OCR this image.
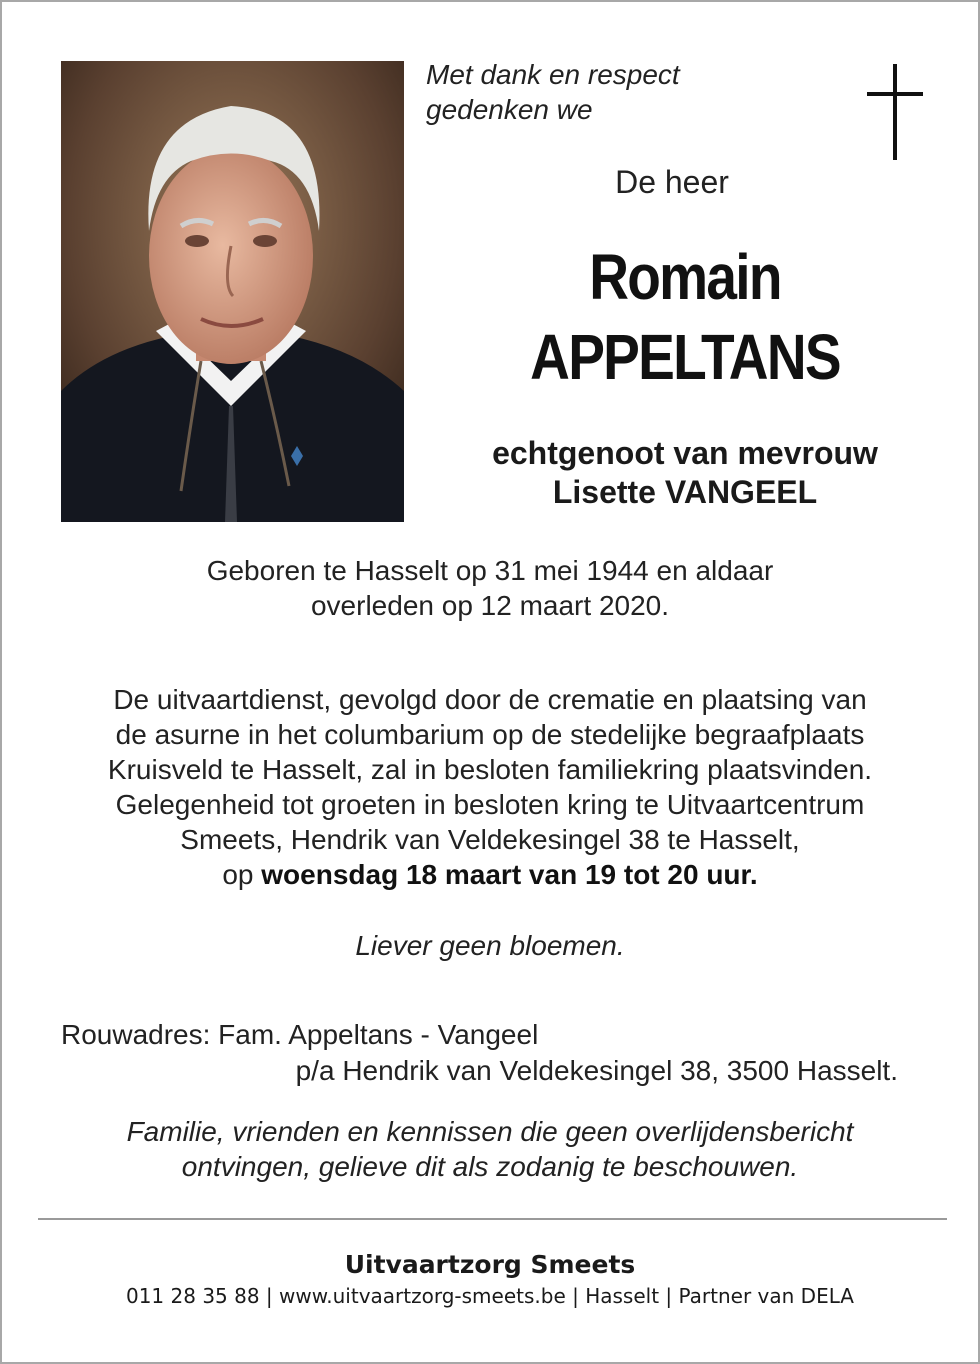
Met dank en respect
gedenken we
De heer
Romain
APPELTANS
echtgenoot van mevrouw
Lisette VANGEEL
Geboren te Hasselt op 31 mei 1944 en aldaar
overleden op 12 maart 2020.
De uitvaartdienst, gevolgd door de crematie en plaatsing van
de asurne in het columbarium op de stedelijke begraafplaats
Kruisveld te Hasselt, zal in besloten familiekring plaatsvinden.
Gelegenheid tot groeten in besloten kring te Uitvaartcentrum
Smeets, Hendrik van Veldekesingel 38 te Hasselt,
op woensdag 18 maart van 19 tot 20 uur.
Liever geen bloemen.
Rouwadres: Fam. Appeltans - Vangeel
p/a Hendrik van Veldekesingel 38, 3500 Hasselt.
Familie, vrienden en kennissen die geen overlijdensbericht
ontvingen, gelieve dit als zodanig te beschouwen.
Uitvaartzorg Smeets
011 28 35 88 | www.uitvaartzorg-smeets.be | Hasselt | Partner van DELA
